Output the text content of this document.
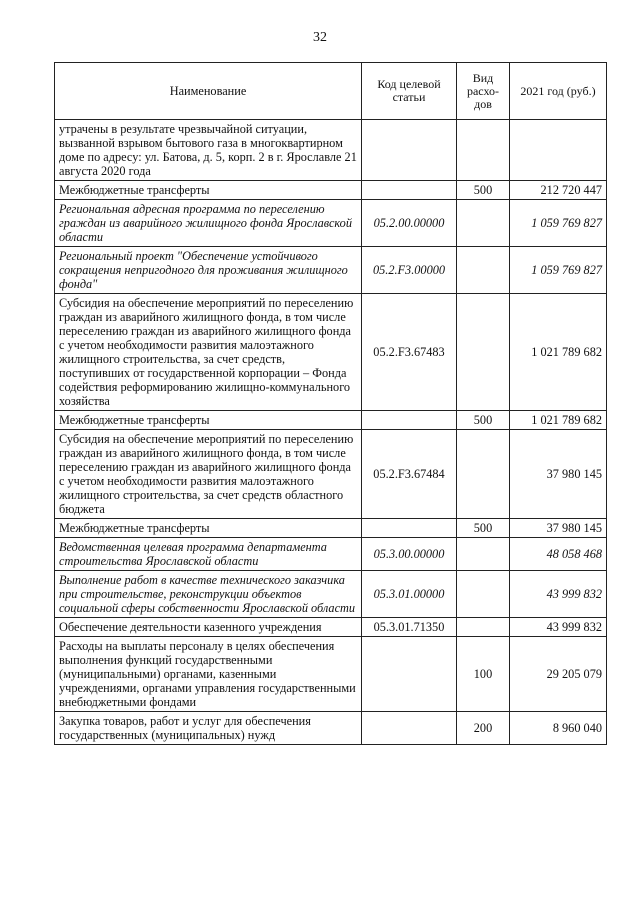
32
Наименование	Код целевой статьи	Вид расхо-дов	2021 год (руб.)
утрачены в результате чрезвычайной ситуации, вызванной взрывом бытового газа в многоквартирном доме по адресу: ул. Батова, д. 5, корп. 2 в г. Ярославле 21 августа 2020 года			
Межбюджетные трансферты		500	212 720 447
Региональная адресная программа по переселению граждан из аварийного жилищного фонда Ярославской области	05.2.00.00000		1 059 769 827
Региональный проект "Обеспечение устойчивого сокращения непригодного для проживания жилищного фонда"	05.2.F3.00000		1 059 769 827
Субсидия на обеспечение мероприятий по переселению граждан из аварийного жилищного фонда, в том числе переселению граждан из аварийного жилищного фонда с учетом необходимости развития малоэтажного жилищного строительства, за счет средств, поступивших от государственной корпорации – Фонда содействия реформированию жилищно-коммунального хозяйства	05.2.F3.67483		1 021 789 682
Межбюджетные трансферты		500	1 021 789 682
Субсидия на обеспечение мероприятий по переселению граждан из аварийного жилищного фонда, в том числе переселению граждан из аварийного жилищного фонда с учетом необходимости развития малоэтажного жилищного строительства, за счет средств областного бюджета	05.2.F3.67484		37 980 145
Межбюджетные трансферты		500	37 980 145
Ведомственная целевая программа департамента строительства Ярославской области	05.3.00.00000		48 058 468
Выполнение работ в качестве технического заказчика при строительстве, реконструкции объектов социальной сферы собственности Ярославской области	05.3.01.00000		43 999 832
Обеспечение деятельности казенного учреждения	05.3.01.71350		43 999 832
Расходы на выплаты персоналу в целях обеспечения выполнения функций государственными (муниципальными) органами, казенными учреждениями, органами управления государственными внебюджетными фондами		100	29 205 079
Закупка товаров, работ и услуг для обеспечения государственных (муниципальных) нужд		200	8 960 040
